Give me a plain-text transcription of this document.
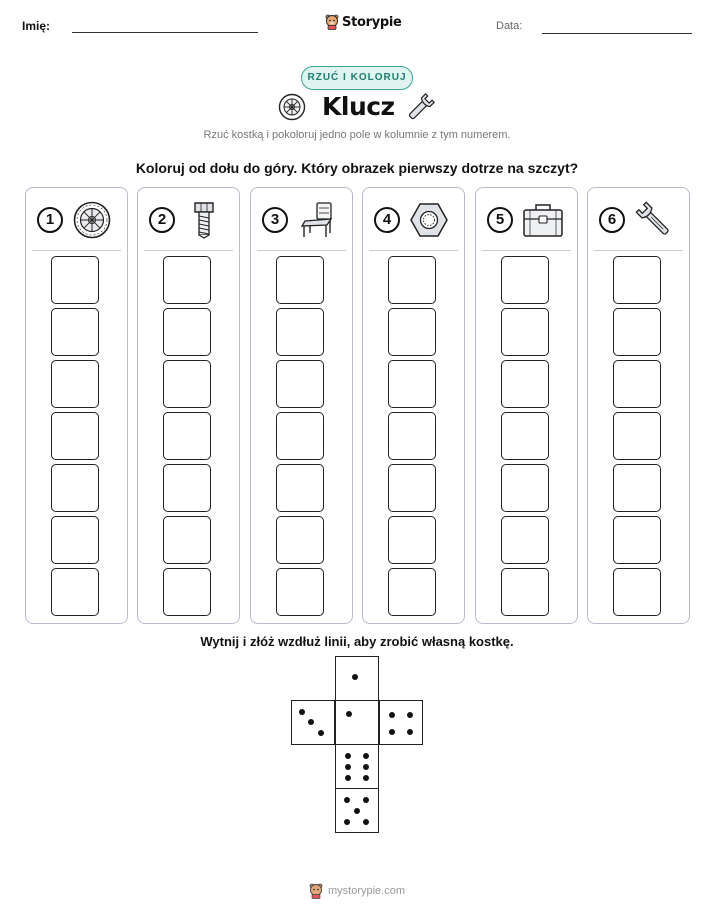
Imię:	Storypie	Data:
RZUĆ I KOLORUJ
Klucz
Rzuć kostką i pokoloruj jedno pole w kolumnie z tym numerem.
Koloruj od dołu do góry. Który obrazek pierwszy dotrze na szczyt?
1	2	3	4	5	6
Wytnij i złóż wzdłuż linii, aby zrobić własną kostkę.
mystorypie.com
